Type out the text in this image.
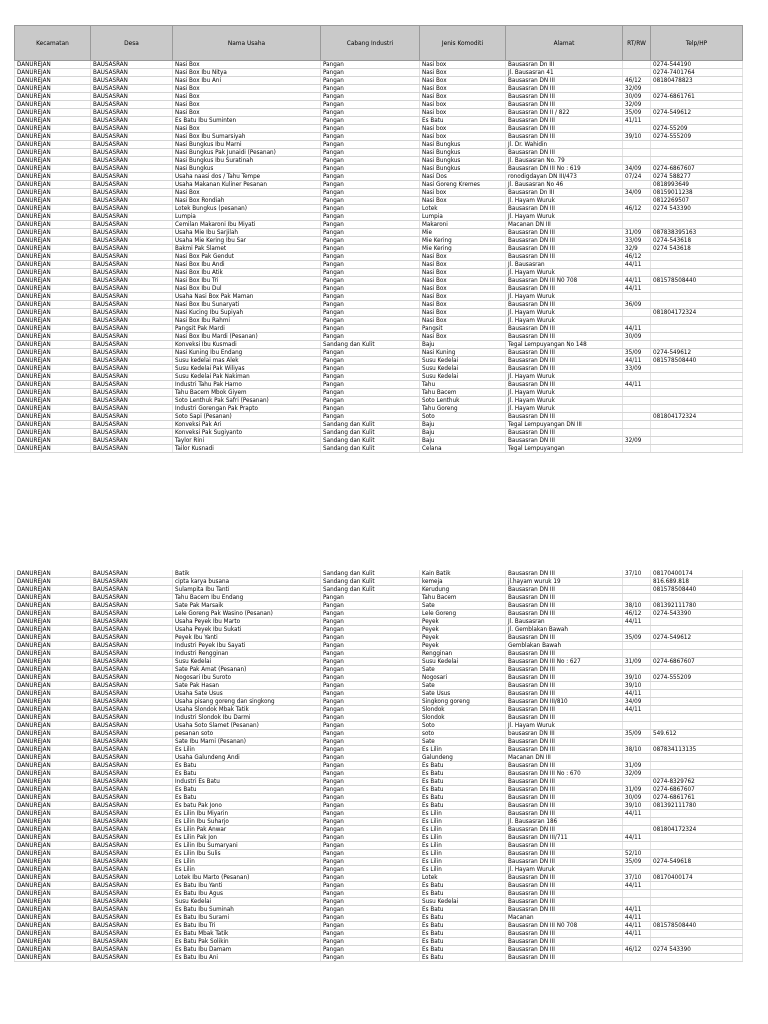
Kecamatan	Desa	Nama Usaha	Cabang Industri	Jenis Komoditi	Alamat	RT/RW	Telp/HP
DANUREJAN	BAUSASRAN	Nasi Box	Pangan	Nasi box	Bausasran Dn III		0274-544190
DANUREJAN	BAUSASRAN	Nasi Box Ibu Nitya	Pangan	Nasi Box	Jl. Bausasran 41		0274-7401764
DANUREJAN	BAUSASRAN	Nasi Box Ibu Ani	Pangan	Nasi Box	Bausasran DN III	46/12	08180478823
DANUREJAN	BAUSASRAN	Nasi Box	Pangan	Nasi Box	Bausasran DN III	32/09	
DANUREJAN	BAUSASRAN	Nasi Box	Pangan	Nasi Box	Bausasran DN III	30/09	0274-6861761
DANUREJAN	BAUSASRAN	Nasi Box	Pangan	Nasi box	Bausasran DN III	32/09	
DANUREJAN	BAUSASRAN	Nasi Box	Pangan	Nasi box	Bausasran DN II / 822	35/09	0274-549612
DANUREJAN	BAUSASRAN	Es Batu Ibu Suminten	Pangan	Es Batu	Bausasran DN III	41/11	
DANUREJAN	BAUSASRAN	Nasi Box	Pangan	Nasi box	Bausasran DN III		0274-55209
DANUREJAN	BAUSASRAN	Nasi Box Ibu Sumarsiyah	Pangan	Nasi box	Bausasran DN III	39/10	0274-555209
DANUREJAN	BAUSASRAN	Nasi Bungkus Ibu Marni	Pangan	Nasi Bungkus	Jl. Dr. Wahidin		
DANUREJAN	BAUSASRAN	Nasi Bungkus Pak Junaidi (Pesanan)	Pangan	Nasi Bungkus	Bausasran DN III		
DANUREJAN	BAUSASRAN	Nasi Bungkus Ibu Suratinah	Pangan	Nasi Bungkus	Jl. Bausasran No. 79		
DANUREJAN	BAUSASRAN	Nasi Bungkus	Pangan	Nasi Bungkus	Bausasran DN III No : 619	34/09	0274-6867607
DANUREJAN	BAUSASRAN	Usaha naasi dos / Tahu Tempe	Pangan	Nasi Dos	ronodigdayan DN III/473	07/24	0274 588277
DANUREJAN	BAUSASRAN	Usaha Makanan Kuliner Pesanan	Pangan	Nasi Goreng Kremes	Jl. Bausasran No 46		0818993649
DANUREJAN	BAUSASRAN	Nasi Box	Pangan	Nasi box	Bausasran Dn III	34/09	08159011238
DANUREJAN	BAUSASRAN	Nasi Box Rondiah	Pangan	Nasi Box	Jl. Hayam Wuruk		0812269507
DANUREJAN	BAUSASRAN	Lotek Bungkus (pesanan)	Pangan	Lotek	Bausasran DN III	46/12	0274 543390
DANUREJAN	BAUSASRAN	Lumpia	Pangan	Lumpia	Jl. Hayam Wuruk		
DANUREJAN	BAUSASRAN	Cemilan Makaroni Ibu Miyati	Pangan	Makaroni	Macanan DN III		
DANUREJAN	BAUSASRAN	Usaha Mie Ibu Sarjilah	Pangan	Mie	Bausasran DN III	31/09	087838395163
DANUREJAN	BAUSASRAN	Usaha Mie Kering Ibu Sar	Pangan	Mie Kering	Bausasran DN III	33/09	0274-543618
DANUREJAN	BAUSASRAN	Bakmi Pak Slamet	Pangan	Mie Kering	Bausasran DN III	32/9	0274 543618
DANUREJAN	BAUSASRAN	Nasi Box Pak Gendut	Pangan	Nasi Box	Bausasran DN III	46/12	
DANUREJAN	BAUSASRAN	Nasi Box Ibu Andi	Pangan	Nasi Box	Jl. Bausasran	44/11	
DANUREJAN	BAUSASRAN	Nasi Box Ibu Atik	Pangan	Nasi Box	Jl. Hayam Wuruk		
DANUREJAN	BAUSASRAN	Nasi Box Ibu Tri	Pangan	Nasi Box	Bausasran DN III N0 708	44/11	081578508440
DANUREJAN	BAUSASRAN	Nasi Box Ibu Dul	Pangan	Nasi Box	Bausasran DN III	44/11	
DANUREJAN	BAUSASRAN	Usaha Nasi Box Pak Maman	Pangan	Nasi Box	Jl. Hayam Wuruk		
DANUREJAN	BAUSASRAN	Nasi Box Ibu Sunaryati	Pangan	Nasi Box	Bausasran DN III	36/09	
DANUREJAN	BAUSASRAN	Nasi Kucing Ibu Supiyah	Pangan	Nasi Box	Jl. Hayam Wuruk		081804172324
DANUREJAN	BAUSASRAN	Nasi Box Ibu Rahmi	Pangan	Nasi Box	Jl. Hayam Wuruk		
DANUREJAN	BAUSASRAN	Pangsit Pak Mardi	Pangan	Pangsit	Bausasran DN III	44/11	
DANUREJAN	BAUSASRAN	Nasi Box Ibu Mardi (Pesanan)	Pangan	Nasi Box	Bausasran DN III	30/09	
DANUREJAN	BAUSASRAN	Konveksi Ibu Kusmadi	Sandang dan Kulit	Baju	Tegal Lempuyangan No 148		
DANUREJAN	BAUSASRAN	Nasi Kuning Ibu Endang	Pangan	Nasi Kuning	Bausasran DN III	35/09	0274-549612
DANUREJAN	BAUSASRAN	Susu kedelai mas Alek	Pangan	Susu Kedelai	Bausasran DN III	44/11	081578508440
DANUREJAN	BAUSASRAN	Susu Kedelai Pak Wiliyas	Pangan	Susu Kedelai	Bausasran DN III	33/09	
DANUREJAN	BAUSASRAN	Susu Kedelai Pak Nakiman	Pangan	Susu Kedelai	Jl. Hayam Wuruk		
DANUREJAN	BAUSASRAN	Industri Tahu Pak Harno	Pangan	Tahu	Bausasran DN III	44/11	
DANUREJAN	BAUSASRAN	Tahu Bacem Mbok Giyem	Pangan	Tahu Bacem	Jl. Hayam Wuruk		
DANUREJAN	BAUSASRAN	Soto Lenthuk Pak Safri (Pesanan)	Pangan	Soto Lenthuk	Jl. Hayam Wuruk		
DANUREJAN	BAUSASRAN	Industri Gorengan Pak Prapto	Pangan	Tahu Goreng	Jl. Hayam Wuruk		
DANUREJAN	BAUSASRAN	Soto Sapi (Pesanan)	Pangan	Soto	Bausasran DN III		081804172324
DANUREJAN	BAUSASRAN	Konveksi Pak Ari	Sandang dan Kulit	Baju	Tegal Lempuyangan DN III		
DANUREJAN	BAUSASRAN	Konveksi Pak Sugiyanto	Sandang dan Kulit	Baju	Bausasran DN III		
DANUREJAN	BAUSASRAN	Taylor Rini	Sandang dan Kulit	Baju	Bausasran DN III	32/09	
DANUREJAN	BAUSASRAN	Tailor Kusnadi	Sandang dan Kulit	Celana	Tegal Lempuyangan		
DANUREJAN	BAUSASRAN	Batik	Sandang dan Kulit	Kain Batik	Bausasran DN III	37/10	08170400174
DANUREJAN	BAUSASRAN	cipta karya busana	Sandang dan Kulit	kemeja	jl.hayam wuruk 19		816.689.818
DANUREJAN	BAUSASRAN	Sulampita Ibu Tanti	Sandang dan Kulit	Kerudung	Bausasran DN III		081578508440
DANUREJAN	BAUSASRAN	Tahu Bacem Ibu Endang	Pangan	Tahu Bacem	Bausasran DN III		
DANUREJAN	BAUSASRAN	Sate Pak Marsaik	Pangan	Sate	Bausasran DN III	38/10	081392111780
DANUREJAN	BAUSASRAN	Lele Goreng Pak Wasino (Pesanan)	Pangan	Lele Goreng	Bausasran DN III	46/12	0274-543390
DANUREJAN	BAUSASRAN	Usaha Peyek Ibu Marto	Pangan	Peyek	Jl. Bausasran	44/11	
DANUREJAN	BAUSASRAN	Usaha Peyek Ibu Sukati	Pangan	Peyek	Jl. Gemblakan Bawah		
DANUREJAN	BAUSASRAN	Peyek Ibu Yanti	Pangan	Peyek	Bausasran DN III	35/09	0274-549612
DANUREJAN	BAUSASRAN	Industri Peyek Ibu Sayati	Pangan	Peyek	Gemblakan Bawah		
DANUREJAN	BAUSASRAN	Industri Rengginan	Pangan	Rengginan	Bausasran DN III		
DANUREJAN	BAUSASRAN	Susu Kedelai	Pangan	Susu Kedelai	Bausasran DN III No : 627	31/09	0274-6867607
DANUREJAN	BAUSASRAN	Sate Pak Amat (Pesanan)	Pangan	Sate	Bausasran DN III		
DANUREJAN	BAUSASRAN	Nogosari Ibu Suroto	Pangan	Nogosari	Bausasran DN III	39/10	0274-555209
DANUREJAN	BAUSASRAN	Sate Pak Hasan	Pangan	Sate	Bausasran DN III	39/10	
DANUREJAN	BAUSASRAN	Usaha Sate Usus	Pangan	Sate Usus	Bausasran DN III	44/11	
DANUREJAN	BAUSASRAN	Usaha pisang goreng dan singkong	Pangan	Singkong goreng	Bausasran DN III/810	34/09	
DANUREJAN	BAUSASRAN	Usaha Slondok Mbak Tatik	Pangan	Slondok	Bausasran DN III	44/11	
DANUREJAN	BAUSASRAN	Industri Slondok Ibu Darmi	Pangan	Slondok	Bausasran DN III		
DANUREJAN	BAUSASRAN	Usaha Soto Slamet (Pesanan)	Pangan	Soto	Jl. Hayam Wuruk		
DANUREJAN	BAUSASRAN	pesanan soto	Pangan	soto	bausasran DN III	35/09	549.612
DANUREJAN	BAUSASRAN	Sate Ibu Marni (Pesanan)	Pangan	Sate	Bausasran DN III		
DANUREJAN	BAUSASRAN	Es Lilin	Pangan	Es Lilin	Bausasran DN III	38/10	087834113135
DANUREJAN	BAUSASRAN	Usaha Galundeng Andi	Pangan	Galundeng	Macanan DN III		
DANUREJAN	BAUSASRAN	Es Batu	Pangan	Es Batu	Bausasran DN III	31/09	
DANUREJAN	BAUSASRAN	Es Batu	Pangan	Es Batu	Bausasran DN III No : 670	32/09	
DANUREJAN	BAUSASRAN	Industri Es Batu	Pangan	Es Batu	Bausasran DN III		0274-8329762
DANUREJAN	BAUSASRAN	Es Batu	Pangan	Es Batu	Bausasran DN III	31/09	0274-6867607
DANUREJAN	BAUSASRAN	Es Batu	Pangan	Es Batu	Bausasran DN III	30/09	0274-6861761
DANUREJAN	BAUSASRAN	Es batu Pak Jono	Pangan	Es Batu	Bausasran DN III	39/10	081392111780
DANUREJAN	BAUSASRAN	Es Lilin Ibu Miyarin	Pangan	Es Lilin	Bausasran DN III	44/11	
DANUREJAN	BAUSASRAN	Es Lilin Ibu Suharjo	Pangan	Es Lilin	Jl. Bausasran 186		
DANUREJAN	BAUSASRAN	Es Lilin Pak Anwar	Pangan	Es Lilin	Bausasran DN III		081804172324
DANUREJAN	BAUSASRAN	Es Lilin Pak Jon	Pangan	Es Lilin	Bausasran DN III/711	44/11	
DANUREJAN	BAUSASRAN	Es Lilin Ibu Sumaryani	Pangan	Es Lilin	Bausasran DN III		
DANUREJAN	BAUSASRAN	Es Lilin Ibu Sulis	Pangan	Es Lilin	Bausasran DN III	52/10	
DANUREJAN	BAUSASRAN	Es Lilin	Pangan	Es Lilin	Bausasran DN III	35/09	0274-549618
DANUREJAN	BAUSASRAN	Es Lilin	Pangan	Es Lilin	Jl. Hayam Wuruk		
DANUREJAN	BAUSASRAN	Lotek Ibu Marto (Pesanan)	Pangan	Lotek	Bausasran DN III	37/10	08170400174
DANUREJAN	BAUSASRAN	Es Batu Ibu Yanti	Pangan	Es Batu	Bausasran DN III	44/11	
DANUREJAN	BAUSASRAN	Es Batu Ibu Agus	Pangan	Es Batu	Bausasran DN III		
DANUREJAN	BAUSASRAN	Susu Kedelai	Pangan	Susu Kedelai	Bausasran DN III		
DANUREJAN	BAUSASRAN	Es Batu Ibu Suminah	Pangan	Es Batu	Bausasran DN III	44/11	
DANUREJAN	BAUSASRAN	Es Batu Ibu Surami	Pangan	Es Batu	Macanan	44/11	
DANUREJAN	BAUSASRAN	Es Batu Ibu Tri	Pangan	Es Batu	Bausasran DN III N0 708	44/11	081578508440
DANUREJAN	BAUSASRAN	Es Batu Mbak Tatik	Pangan	Es Batu	Bausasran DN III	44/11	
DANUREJAN	BAUSASRAN	Es Batu Pak Solikin	Pangan	Es Batu	Bausasran DN III		
DANUREJAN	BAUSASRAN	Es Batu Ibu Damam	Pangan	Es Batu	Bausasran DN III	46/12	0274 543390
DANUREJAN	BAUSASRAN	Es Batu Ibu Ani	Pangan	Es Batu	Bausasran DN III		
